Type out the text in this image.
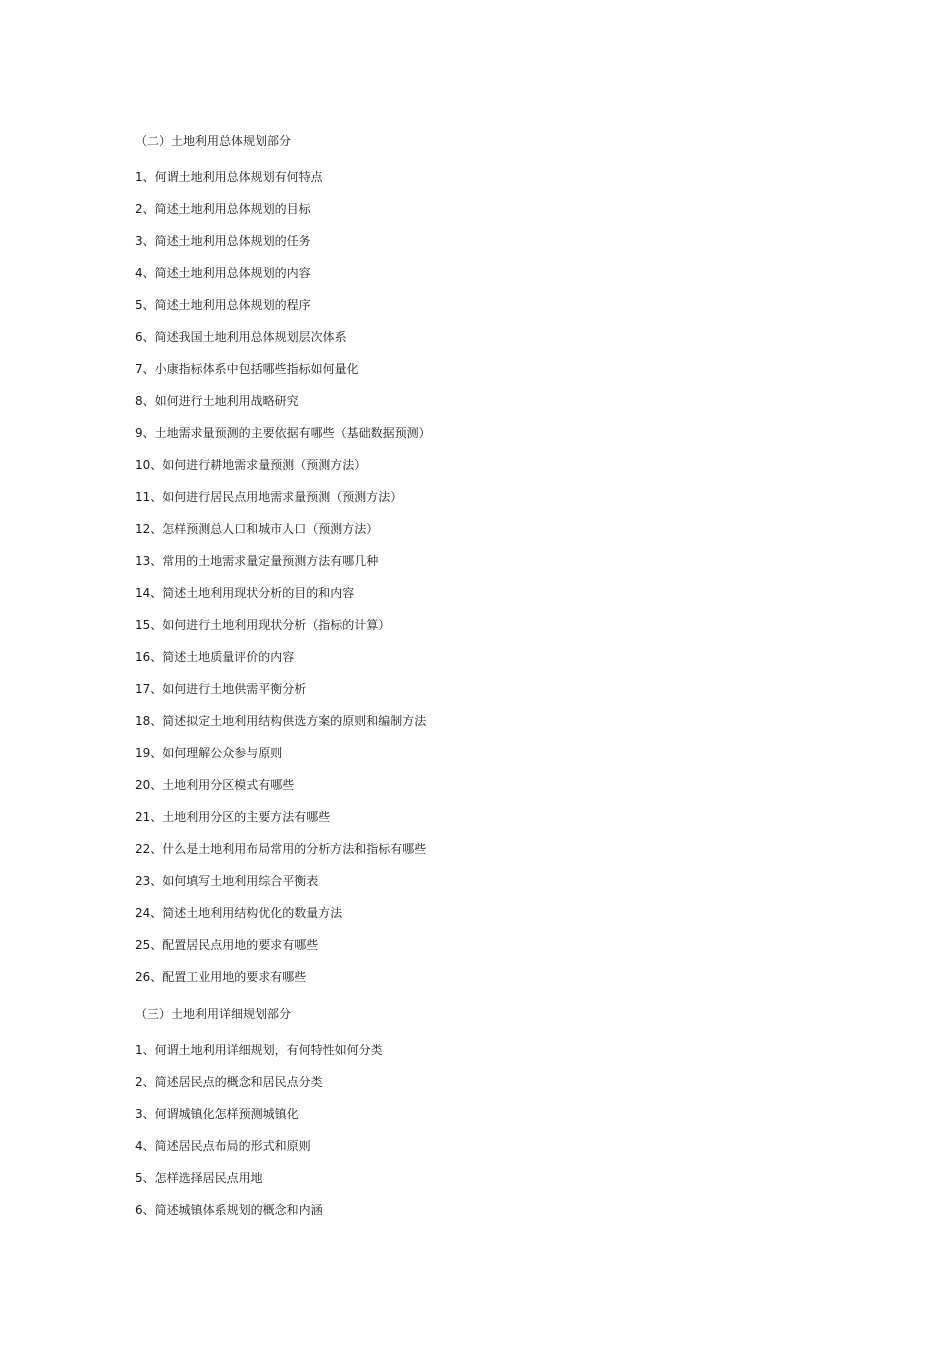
（二）土地利用总体规划部分
1、何谓土地利用总体规划有何特点
2、简述土地利用总体规划的目标
3、简述土地利用总体规划的任务
4、简述土地利用总体规划的内容
5、简述土地利用总体规划的程序
6、简述我国土地利用总体规划层次体系
7、小康指标体系中包括哪些指标如何量化
8、如何进行土地利用战略研究
9、土地需求量预测的主要依据有哪些（基础数据预测）
10、如何进行耕地需求量预测（预测方法）
11、如何进行居民点用地需求量预测（预测方法）
12、怎样预测总人口和城市人口（预测方法）
13、常用的土地需求量定量预测方法有哪几种
14、简述土地利用现状分析的目的和内容
15、如何进行土地利用现状分析（指标的计算）
16、简述土地质量评价的内容
17、如何进行土地供需平衡分析
18、简述拟定土地利用结构供选方案的原则和编制方法
19、如何理解公众参与原则
20、土地利用分区模式有哪些
21、土地利用分区的主要方法有哪些
22、什么是土地利用布局常用的分析方法和指标有哪些
23、如何填写土地利用综合平衡表
24、简述土地利用结构优化的数量方法
25、配置居民点用地的要求有哪些
26、配置工业用地的要求有哪些
（三）土地利用详细规划部分
1、何谓土地利用详细规划，有何特性如何分类
2、简述居民点的概念和居民点分类
3、何谓城镇化怎样预测城镇化
4、简述居民点布局的形式和原则
5、怎样选择居民点用地
6、简述城镇体系规划的概念和内涵
